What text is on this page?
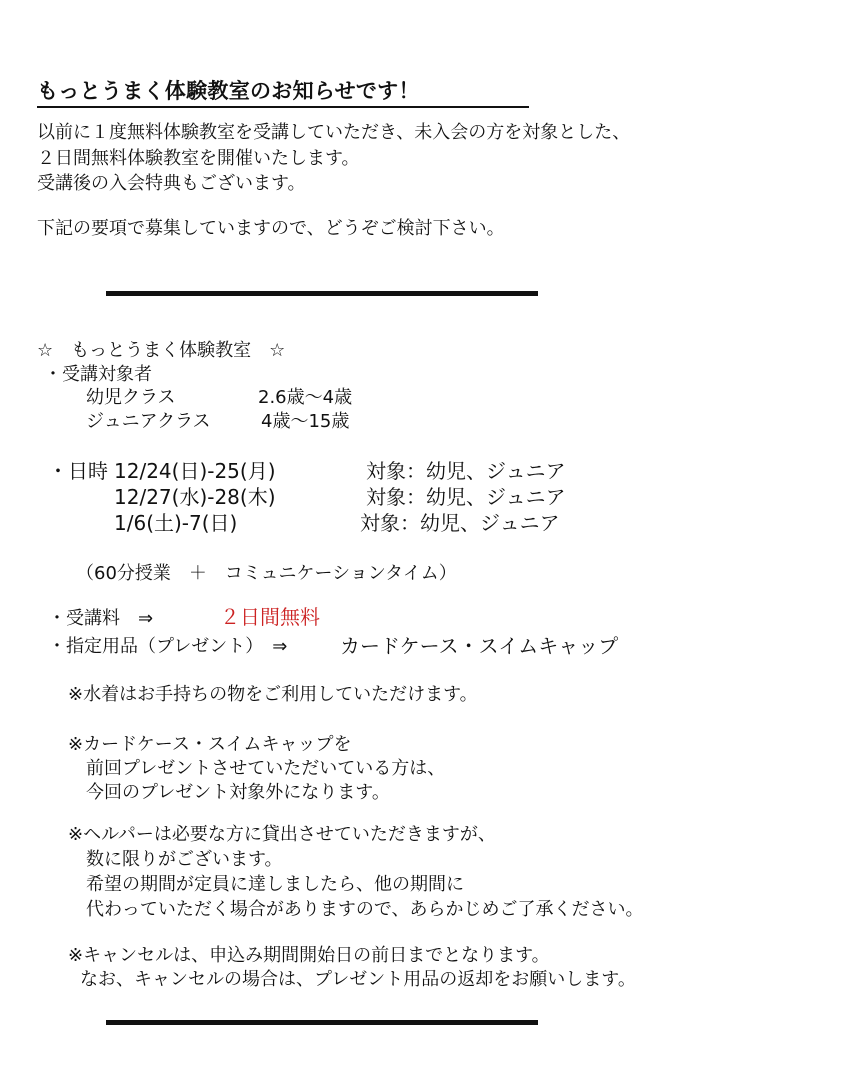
もっとうまく体験教室のお知らせです！
以前に１度無料体験教室を受講していただき、未入会の方を対象とした、
２日間無料体験教室を開催いたします。
受講後の入会特典もございます。
下記の要項で募集していますので、どうぞご検討下さい。
☆　もっとうまく体験教室　☆
・受講対象者
幼児クラス	2.6歳～4歳
ジュニアクラス	4歳～15歳
・日時 12/24(日)-25(月)	対象：幼児、ジュニア
12/27(水)-28(木)	対象：幼児、ジュニア
1/6(土)-7(日)	対象：幼児、ジュニア
（60分授業　＋　コミュニケーションタイム）
・受講料　⇒	２日間無料
・指定用品（プレゼント）　⇒	カードケース・スイムキャップ
※水着はお手持ちの物をご利用していただけます。
※カードケース・スイムキャップを
前回プレゼントさせていただいている方は、
今回のプレゼント対象外になります。
※ヘルパーは必要な方に貸出させていただきますが、
数に限りがございます。
希望の期間が定員に達しましたら、他の期間に
代わっていただく場合がありますので、あらかじめご了承ください。
※キャンセルは、申込み期間開始日の前日までとなります。
なお、キャンセルの場合は、プレゼント用品の返却をお願いします。
